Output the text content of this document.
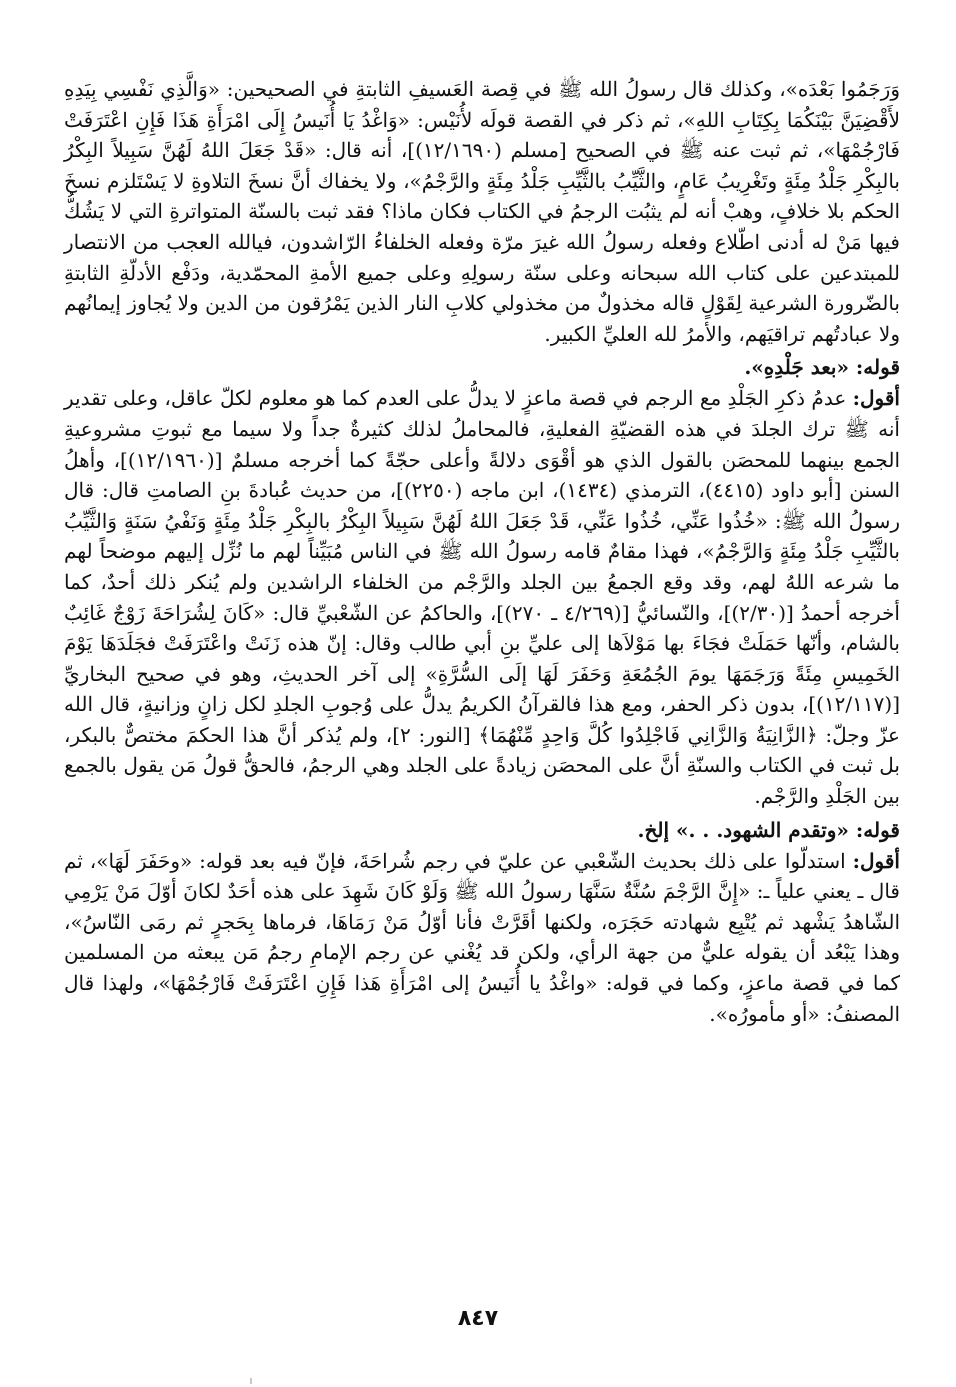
وَرَجَمُوا بَعْدَه»، وكذلك قال رسولُ الله ﷺ في قِصة العَسيفِ الثابتةِ في الصحيحين: «وَالَّذِي نَفْسِي بِيَدِهِ لأَقْضِيَنَّ بَيْنَكُمَا بِكِتَابِ اللهِ»، ثم ذكر في القصة قولَه لأُنَيْس: «وَاغْدُ يَا أُنَيسُ إِلَى امْرَأَةِ هَذَا فَإِنِ اعْتَرَفَتْ فَارْجُمْهَا»، ثم ثبت عنه ﷺ في الصحيح [مسلم (١٢/١٦٩٠)]، أنه قال: «قَدْ جَعَلَ اللهُ لَهُنَّ سَبِيلاً البِكْرُ بالبِكْرِ جَلْدُ مِئَةٍ وتَغْرِيبُ عَامٍ، والثَّيِّبُ بالثَّيِّبِ جَلْدُ مِئَةٍ والرَّجْمُ»، ولا يخفاك أنَّ نسخَ التلاوةِ لا يَسْتَلزم نسخَ الحكم بلا خلافٍ، وهبْ أنه لم يثبُت الرجمُ في الكتاب فكان ماذا؟ فقد ثبت بالسنّة المتواترةِ التي لا يَشُكُّ فيها مَنْ له أدنى اطّلاع وفعله رسولُ الله غيرَ مرّة وفعله الخلفاءُ الرّاشدون، فيالله العجب من الانتصار للمبتدعين على كتاب الله سبحانه وعلى سنّة رسولِهِ وعلى جميع الأمةِ المحمّدية، ودَفْع الأدلّةِ الثابتةِ بالضّرورة الشرعية لِقَوْلٍ قاله مخذولٌ من مخذولي كلابِ النار الذين يَمْرُقون من الدين ولا يُجاوز إيمانُهم ولا عبادتُهم تراقيَهم، والأمرُ لله العليِّ الكبير.

قوله: «بعد جَلْدِهِ».

أقول: عدمُ ذكرِ الجَلْدِ مع الرجم في قصة ماعزٍ لا يدلُّ على العدم كما هو معلوم لكلّ عاقل، وعلى تقدير أنه ﷺ ترك الجلدَ في هذه القضيّةِ الفعليةِ، فالمحاملُ لذلك كثيرةٌ جداً ولا سيما مع ثبوتِ مشروعيةِ الجمع بينهما للمحصَن بالقول الذي هو أقْوَى دلالةً وأعلى حجّةً كما أخرجه مسلمٌ [(١٢/١٩٦٠)]، وأهلُ السنن [أبو داود (٤٤١٥)، الترمذي (١٤٣٤)، ابن ماجه (٢٢٥٠)]، من حديث عُبادةَ بنِ الصامتِ قال: قال رسولُ الله ﷺ: «خُذُوا عَنِّي، خُذُوا عَنِّي، قَدْ جَعَلَ اللهُ لَهُنَّ سَبِيلاً البِكْرُ بالبِكْرِ جَلْدُ مِئَةٍ وَنَفْيُ سَنَةٍ وَالثَّيِّبُ بالثَّيِّبِ جَلْدُ مِئَةٍ وَالرَّجْمُ»، فهذا مقامٌ قامه رسولُ الله ﷺ في الناس مُبَيِّناً لهم ما نُزِّل إليهم موضحاً لهم ما شرعه اللهُ لهم، وقد وقع الجمعُ بين الجلد والرَّجْم من الخلفاء الراشدين ولم يُنكر ذلك أحدٌ، كما أخرجه أحمدُ [(٢/٣٠)]، والنّسائيُّ [(٤/٢٦٩ ـ ٢٧٠)]، والحاكمُ عن الشّعْبيِّ قال: «كَانَ لِشُرَاحَةَ زَوْجٌ غَائِبٌ بالشام، وأنّها حَمَلَتْ فجَاءَ بها مَوْلاَها إلى عليِّ بنِ أبي طالب وقال: إنّ هذه زَنَتْ واعْتَرَفَتْ فجَلَدَهَا يَوْمَ الخَمِيسِ مِئَةً وَرَجَمَهَا يومَ الجُمُعَةِ وَحَفَرَ لَهَا إلَى السُّرَّةِ» إلى آخر الحديثِ، وهو في صحيح البخاريِّ [(١٢/١١٧)]، بدون ذكر الحفر، ومع هذا فالقرآنُ الكريمُ يدلُّ على وُجوبِ الجلدِ لكل زانٍ وزانيةٍ، قال الله عزّ وجلّ: ﴿الزَّانِيَةُ وَالزَّانِي فَاجْلِدُوا كُلَّ وَاحِدٍ مِّنْهُمَا﴾ [النور: ٢]، ولم يُذكر أنَّ هذا الحكمَ مختصٌّ بالبكر، بل ثبت في الكتاب والسنّةِ أنَّ على المحصَن زيادةً على الجلد وهي الرجمُ، فالحقُّ قولُ مَن يقول بالجمع بين الجَلْدِ والرَّجْم.

قوله: «وتقدم الشهود. . .» إلخ.

أقول: استدلّوا على ذلك بحديث الشّعْبي عن عليّ في رجم شُراحَةَ، فإنّ فيه بعد قوله: «وحَفَرَ لَهَا»، ثم قال ـ يعني علياً ـ: «إِنَّ الرَّجْمَ سُنَّةٌ سَنَّهَا رسولُ الله ﷺ وَلَوْ كَانَ شَهِدَ على هذه أحَدٌ لكانَ أوّلَ مَنْ يَرْمِي الشّاهدُ يَشْهد ثم يُتْبِع شهادته حَجَرَه، ولكنها أقَرَّتْ فأنا أوّلُ مَنْ رَمَاهَا، فرماها بِحَجرٍ ثم رمَى النّاسُ»، وهذا يَبْعُد أن يقوله عليٌّ من جهة الرأي، ولكن قد يُغْني عن رجم الإمامِ رجمُ مَن يبعثه من المسلمين كما في قصة ماعزٍ، وكما في قوله: «واغْدُ يا أُنَيسُ إلى امْرَأَةِ هَذا فَإِنِ اعْتَرَفَتْ فَارْجُمْهَا»، ولهذا قال المصنفُ: «أو مأمورُه».

٨٤٧
